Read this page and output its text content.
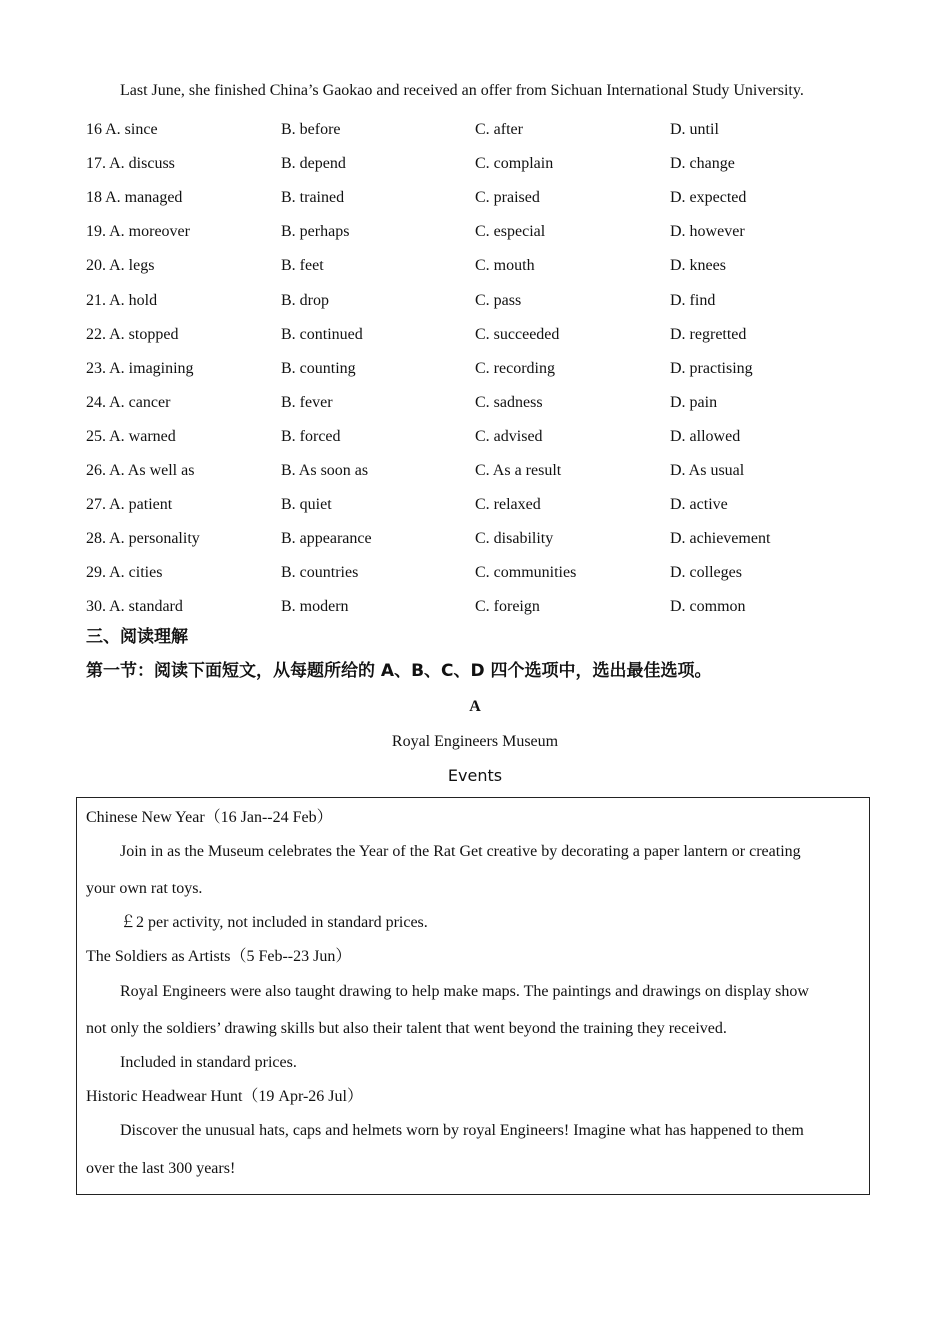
Last June, she finished China’s Gaokao and received an offer from Sichuan International Study University.
16 A. since	B. before	C. after	D. until
17. A. discuss	B. depend	C. complain	D. change
18 A. managed	B. trained	C. praised	D. expected
19. A. moreover	B. perhaps	C. especial	D. however
20. A. legs	B. feet	C. mouth	D. knees
21. A. hold	B. drop	C. pass	D. find
22. A. stopped	B. continued	C. succeeded	D. regretted
23. A. imagining	B. counting	C. recording	D. practising
24. A. cancer	B. fever	C. sadness	D. pain
25. A. warned	B. forced	C. advised	D. allowed
26. A. As well as	B. As soon as	C. As a result	D. As usual
27. A. patient	B. quiet	C. relaxed	D. active
28. A. personality	B. appearance	C. disability	D. achievement
29. A. cities	B. countries	C. communities	D. colleges
30. A. standard	B. modern	C. foreign	D. common
三、阅读理解
第一节：阅读下面短文，从每题所给的 A、B、C、D 四个选项中，选出最佳选项。
A
Royal Engineers Museum
Events

Chinese New Year（16 Jan--24 Feb）

Join in as the Museum celebrates the Year of the Rat Get creative by decorating a paper lantern or creating

your own rat toys.

￡2 per activity, not included in standard prices.

The Soldiers as Artists（5 Feb--23 Jun）

Royal Engineers were also taught drawing to help make maps. The paintings and drawings on display show

not only the soldiers’ drawing skills but also their talent that went beyond the training they received.

Included in standard prices.

Historic Headwear Hunt（19 Apr-26 Jul）

Discover the unusual hats, caps and helmets worn by royal Engineers! Imagine what has happened to them

over the last 300 years!
